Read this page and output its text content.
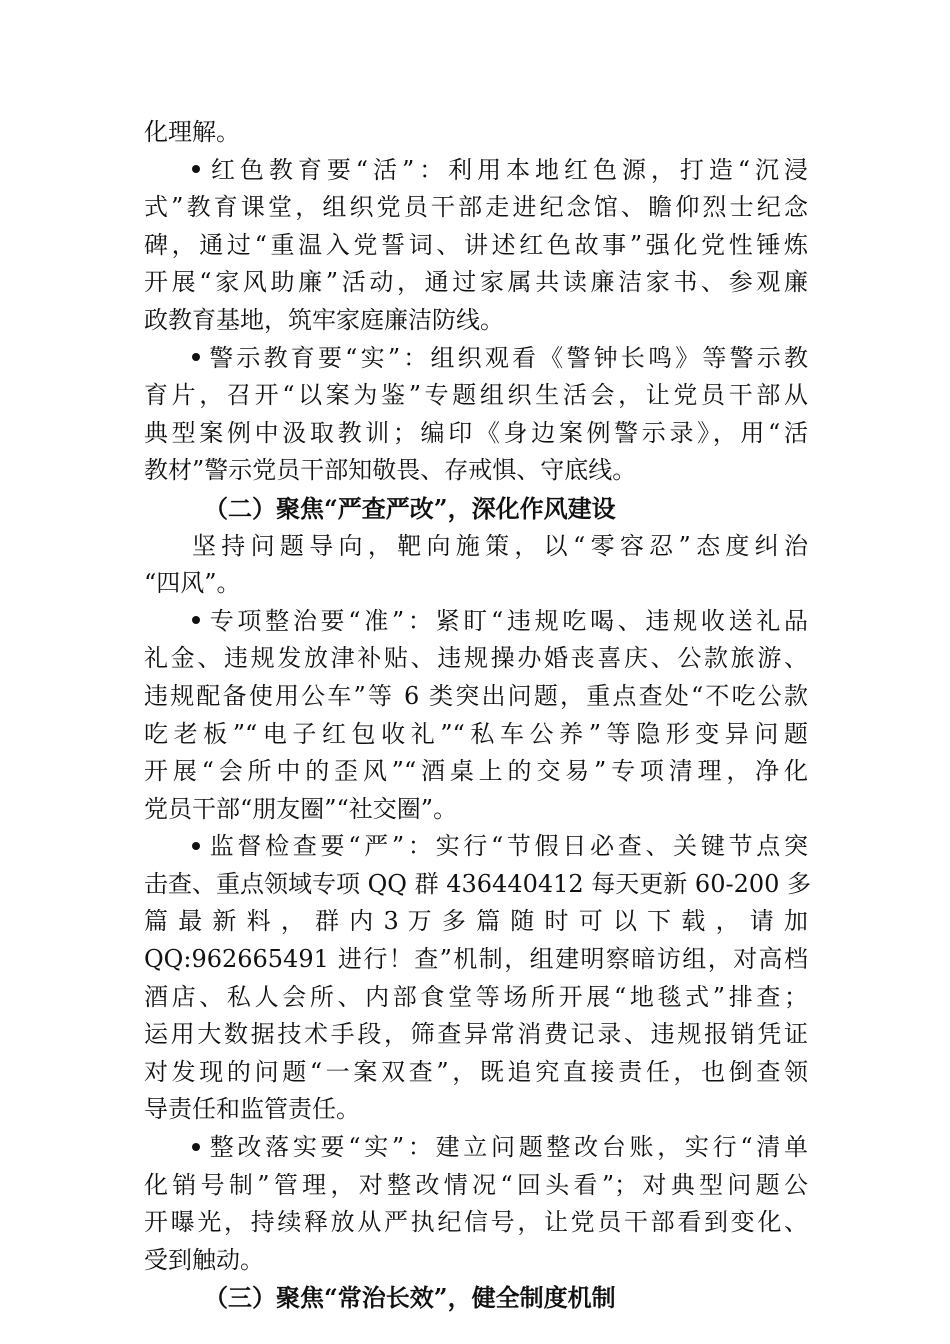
化理解。
红色教育要“活”：利用本地红色源，打造“沉浸
式”教育课堂，组织党员干部走进纪念馆、瞻仰烈士纪念
碑，通过“重温入党誓词、讲述红色故事”强化党性锤炼
开展“家风助廉”活动，通过家属共读廉洁家书、参观廉
政教育基地，筑牢家庭廉洁防线。
警示教育要“实”：组织观看《警钟长鸣》等警示教
育片，召开“以案为鉴”专题组织生活会，让党员干部从
典型案例中汲取教训；编印《身边案例警示录》，用“活
教材”警示党员干部知敬畏、存戒惧、守底线。
（二）聚焦“严查严改”，深化作风建设
坚持问题导向，靶向施策，以“零容忍”态度纠治
“四风”。
专项整治要“准”：紧盯“违规吃喝、违规收送礼品
礼金、违规发放津补贴、违规操办婚丧喜庆、公款旅游、
违规配备使用公车”等 6 类突出问题，重点查处“不吃公款
吃老板”“电子红包收礼”“私车公养”等隐形变异问题
开展“会所中的歪风”“酒桌上的交易”专项清理，净化
党员干部“朋友圈”“社交圈”。
监督检查要“严”：实行“节假日必查、关键节点突
击查、重点领域专项 QQ 群 436440412 每天更新 60-200 多
篇 最 新 料 ， 群 内 3 万 多 篇 随 时 可 以 下 载 ， 请 加
QQ:962665491 进行！查”机制，组建明察暗访组，对高档
酒店、私人会所、内部食堂等场所开展“地毯式”排查；
运用大数据技术手段，筛查异常消费记录、违规报销凭证
对发现的问题“一案双查”，既追究直接责任，也倒查领
导责任和监管责任。
整改落实要“实”：建立问题整改台账，实行“清单
化销号制”管理，对整改情况“回头看”；对典型问题公
开曝光，持续释放从严执纪信号，让党员干部看到变化、
受到触动。
（三）聚焦“常治长效”，健全制度机制
